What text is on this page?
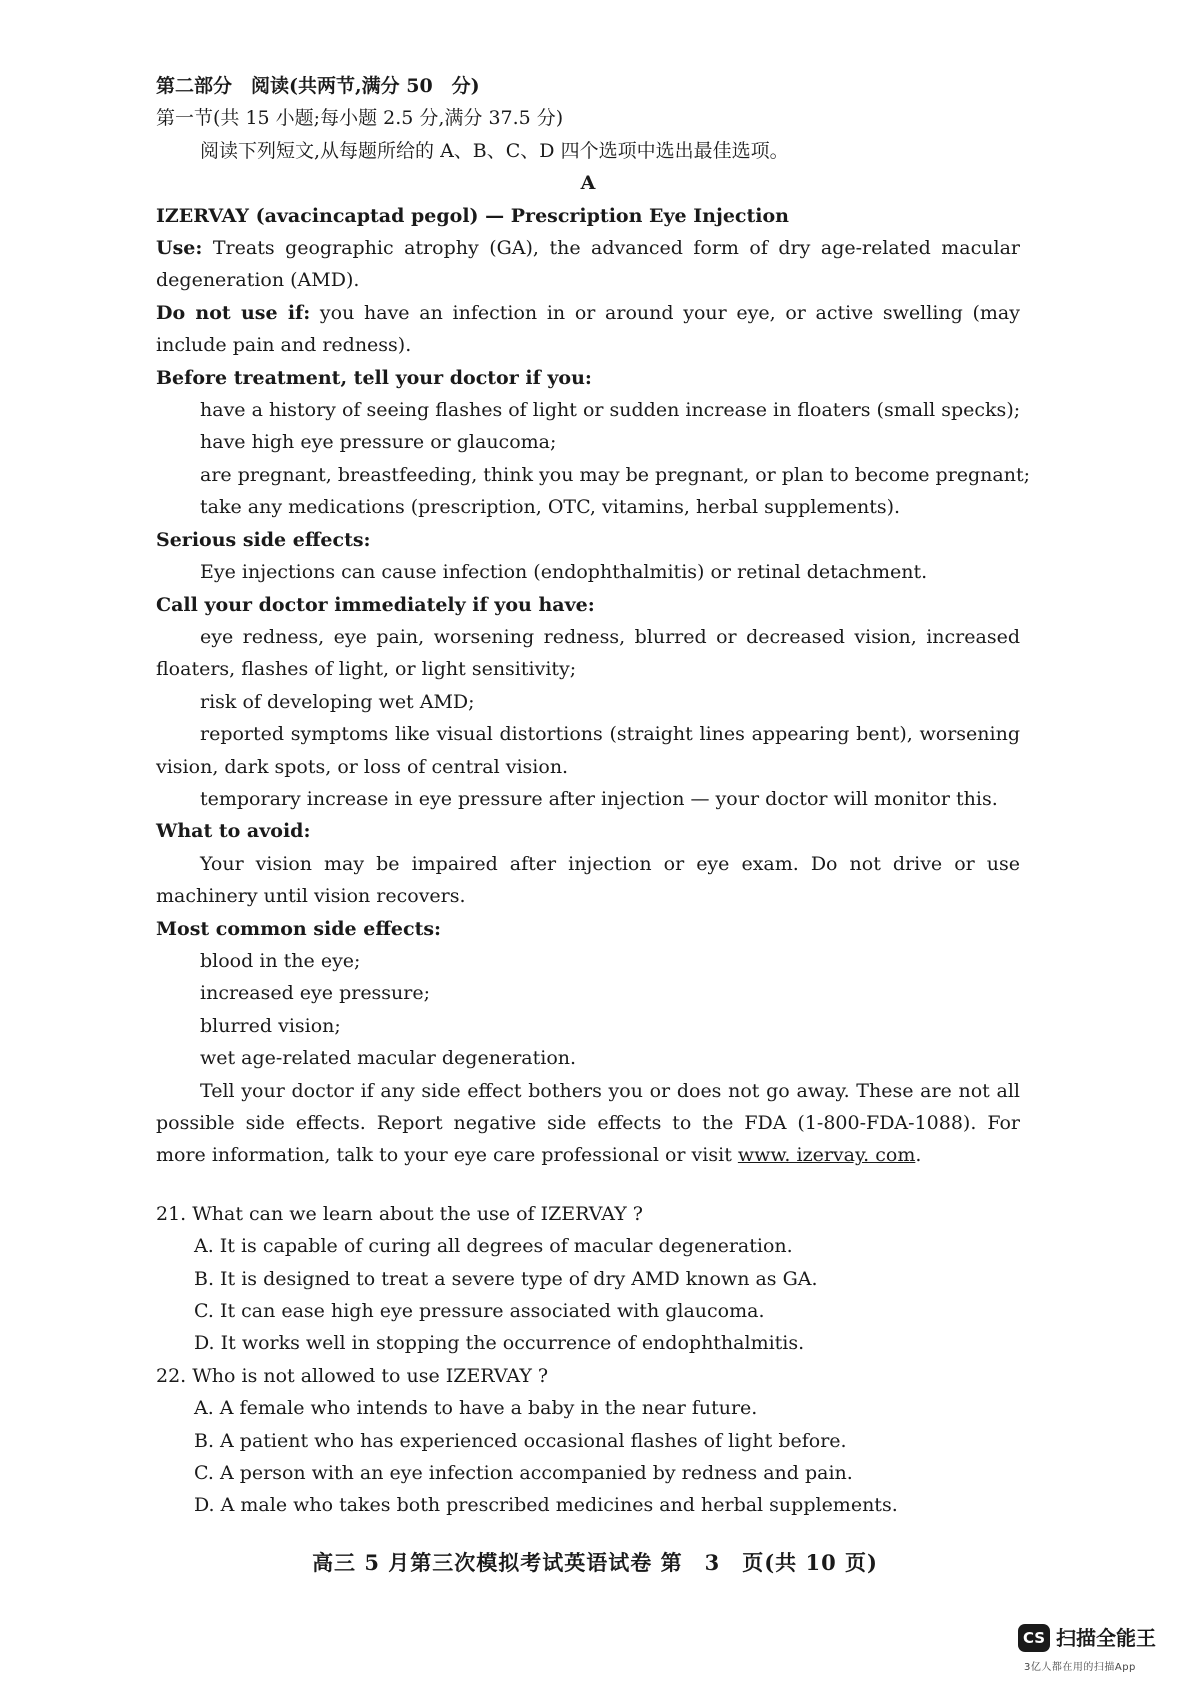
第二部分　阅读(共两节,满分 50　分)

第一节(共 15 小题;每小题 2.5 分,满分 37.5 分)

阅读下列短文,从每题所给的 A、B、C、D 四个选项中选出最佳选项。

A

IZERVAY (avacincaptad pegol) — Prescription Eye Injection

Use: Treats geographic atrophy (GA), the advanced form of dry age-related macular degeneration (AMD).

Do not use if: you have an infection in or around your eye, or active swelling (may include pain and redness).

Before treatment, tell your doctor if you:

have a history of seeing flashes of light or sudden increase in floaters (small specks);

have high eye pressure or glaucoma;

are pregnant, breastfeeding, think you may be pregnant, or plan to become pregnant;

take any medications (prescription, OTC, vitamins, herbal supplements).

Serious side effects:

Eye injections can cause infection (endophthalmitis) or retinal detachment.

Call your doctor immediately if you have:

eye redness, eye pain, worsening redness, blurred or decreased vision, increased floaters, flashes of light, or light sensitivity;

risk of developing wet AMD;

reported symptoms like visual distortions (straight lines appearing bent), worsening vision, dark spots, or loss of central vision.

temporary increase in eye pressure after injection — your doctor will monitor this.

What to avoid:

Your vision may be impaired after injection or eye exam. Do not drive or use machinery until vision recovers.

Most common side effects:

blood in the eye;

increased eye pressure;

blurred vision;

wet age-related macular degeneration.

Tell your doctor if any side effect bothers you or does not go away. These are not all possible side effects. Report negative side effects to the FDA (1-800-FDA-1088). For more information, talk to your eye care professional or visit www. izervay. com.

21. What can we learn about the use of IZERVAY ?

A. It is capable of curing all degrees of macular degeneration.

B. It is designed to treat a severe type of dry AMD known as GA.

C. It can ease high eye pressure associated with glaucoma.

D. It works well in stopping the occurrence of endophthalmitis.

22. Who is not allowed to use IZERVAY ?

A. A female who intends to have a baby in the near future.

B. A patient who has experienced occasional flashes of light before.

C. A person with an eye infection accompanied by redness and pain.

D. A male who takes both prescribed medicines and herbal supplements.

高三 5 月第三次模拟考试英语试卷 第　3　页(共 10 页)
CS 扫描全能王
3亿人都在用的扫描App
